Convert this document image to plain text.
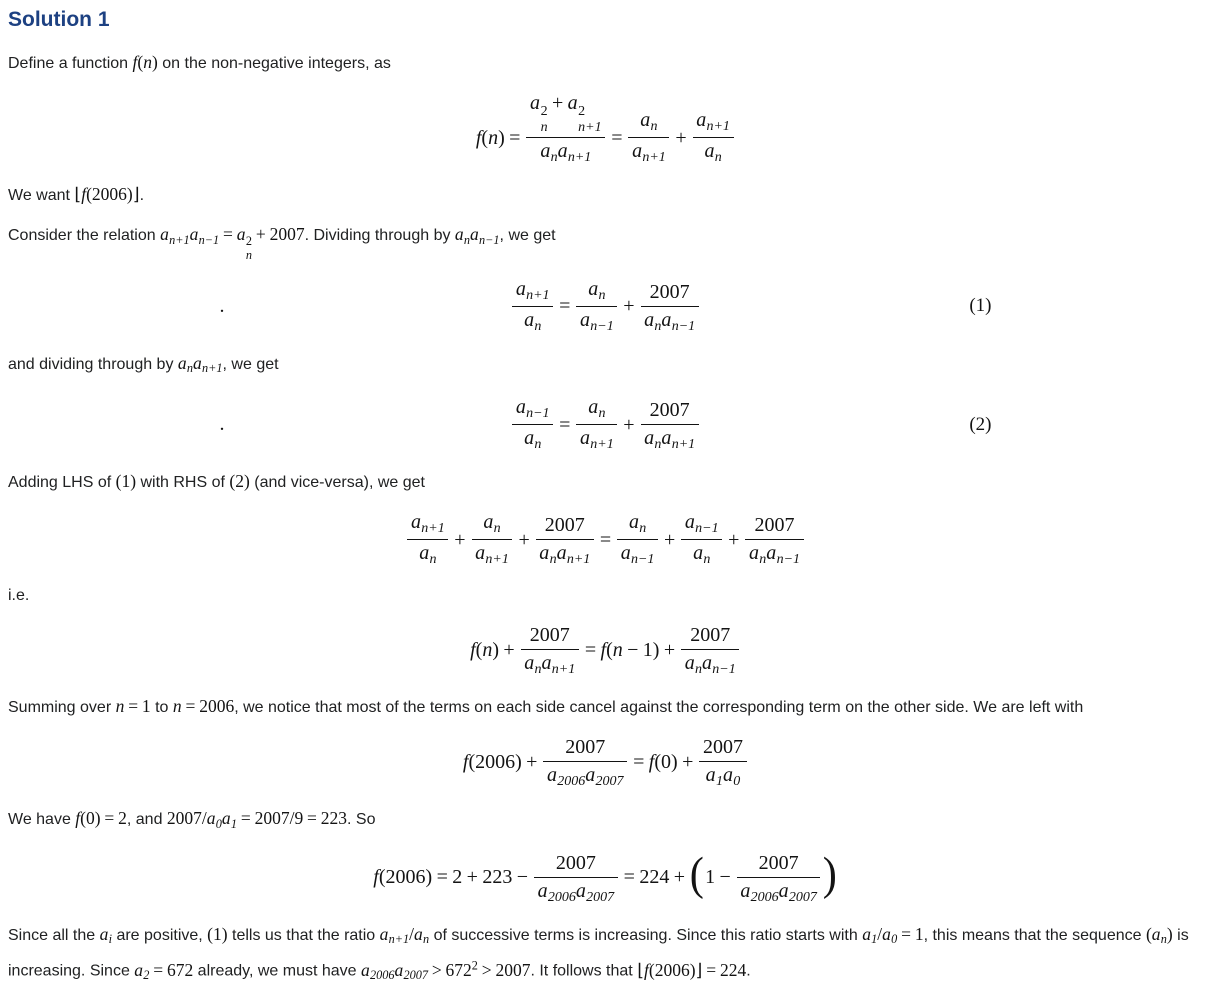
Solution 1

Define a function f(n) on the non-negative integers, as

f(n) = a 2
n
+ a 2
n+1
$a_na_{n+1} = \frac{a_n}{a_{n+1}} + \frac{a_{n+1}}{a_n}$

We want ⌊f(2006)⌋.

Consider the relation $a_{n+1}a_{n-1} = a$ 2
n
+ 2007. Dividing through by $a_na_{n-1}$, we get

.	$\frac{a_{n+1}}{a_n} = \frac{a_n}{a_{n-1}} + \frac{2007}{a_na_{n-1}}$	(1)

and dividing through by $a_na_{n+1}$, we get

.	$\frac{a_{n-1}}{a_n} = \frac{a_n}{a_{n+1}} + \frac{2007}{a_na_{n+1}}$	(2)

Adding LHS of (1) with RHS of (2) (and vice-versa), we get

$\frac{a_{n+1}}{a_n} + \frac{a_n}{a_{n+1}} + \frac{2007}{a_na_{n+1}} = \frac{a_n}{a_{n-1}} + \frac{a_{n-1}}{a_n} + \frac{2007}{a_na_{n-1}}$

i.e.

$f(n) + \frac{2007}{a_na_{n+1}} = f(n - 1) + \frac{2007}{a_na_{n-1}}$

Summing over n = 1 to n = 2006, we notice that most of the terms on each side cancel against the corresponding term on the other side. We are left with

$f(2006) + \frac{2007}{a_{2006}a_{2007}} = f(0) + \frac{2007}{a_1a_0}$

We have f(0) = 2, and $2007/a_0a_1 = 2007/9 = 223$. So

$f(2006) = 2 + 223 - \frac{2007}{a_{2006}a_{2007}} = 224 + (1 - \frac{2007}{a_{2006}a_{2007}}$ )

Since all the $a_i$ are positive, (1) tells us that the ratio $a_{n+1}/a_n$ of successive terms is increasing. Since this ratio starts with $a_1/a_0 = 1$, this means that the sequence $(a_n)$ is increasing. Since $a_2 = 672$ already, we must have $a_{2006}a_{2007} > 672^2 > 2007$. It follows that ⌊f(2006)⌋ = 224.
